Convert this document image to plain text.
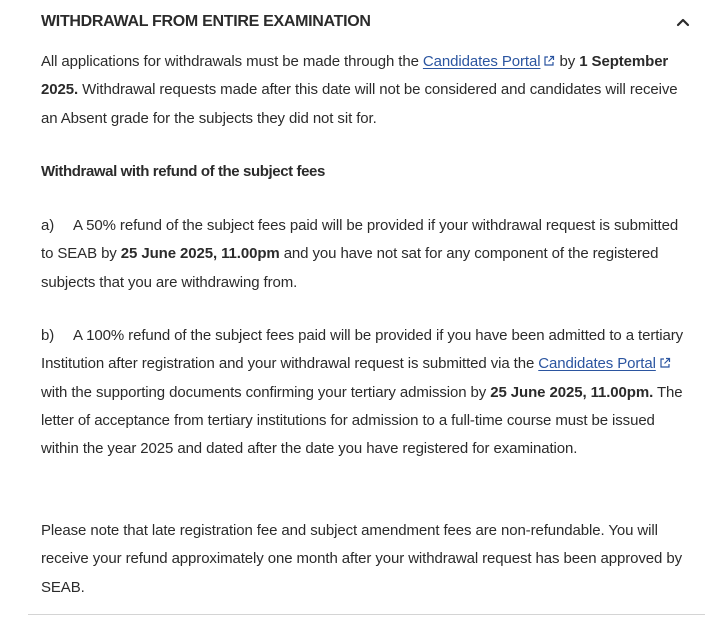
WITHDRAWAL FROM ENTIRE EXAMINATION

All applications for withdrawals must be made through the Candidates Portal by 1 September 2025. Withdrawal requests made after this date will not be considered and candidates will receive an Absent grade for the subjects they did not sit for.

Withdrawal with refund of the subject fees

a) A 50% refund of the subject fees paid will be provided if your withdrawal request is submitted to SEAB by 25 June 2025, 11.00pm and you have not sat for any component of the registered subjects that you are withdrawing from.

b) A 100% refund of the subject fees paid will be provided if you have been admitted to a tertiary Institution after registration and your withdrawal request is submitted via the Candidates Portal with the supporting documents confirming your tertiary admission by 25 June 2025, 11.00pm. The letter of acceptance from tertiary institutions for admission to a full-time course must be issued within the year 2025 and dated after the date you have registered for examination.

Please note that late registration fee and subject amendment fees are non-refundable. You will receive your refund approximately one month after your withdrawal request has been approved by SEAB.
